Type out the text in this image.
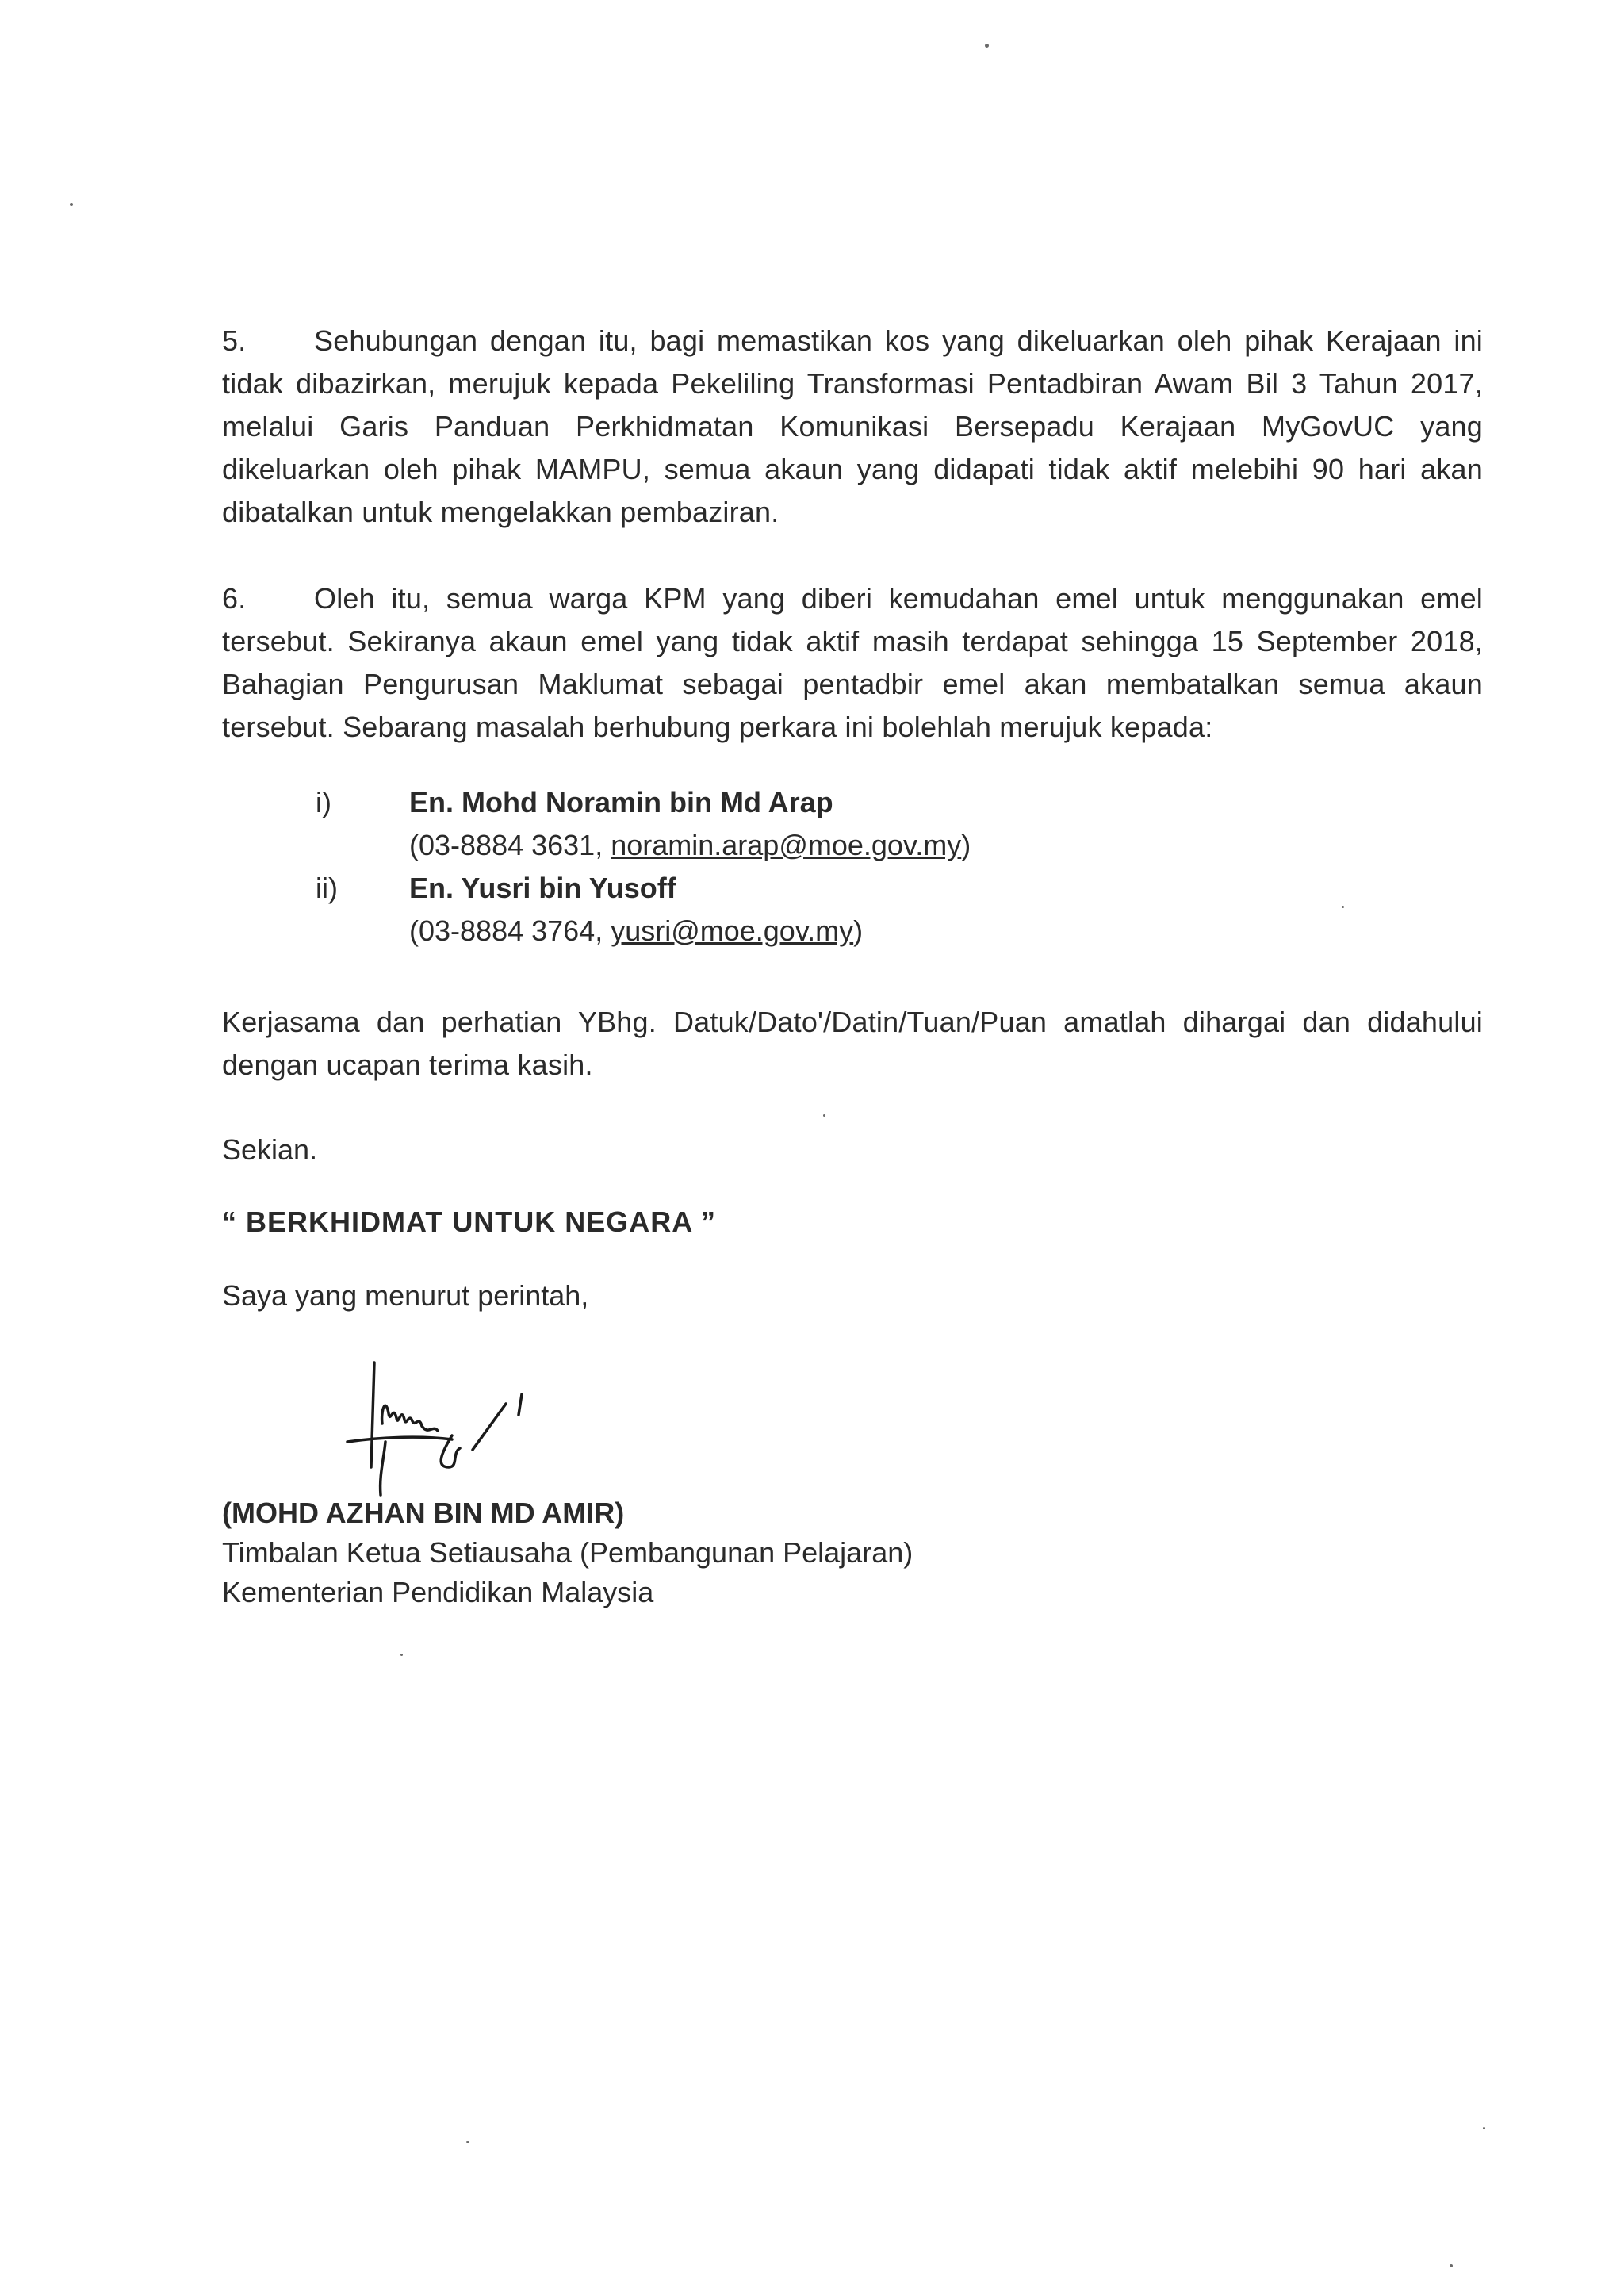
5. Sehubungan dengan itu, bagi memastikan kos yang dikeluarkan oleh pihak Kerajaan ini tidak dibazirkan, merujuk kepada Pekeliling Transformasi Pentadbiran Awam Bil 3 Tahun 2017, melalui Garis Panduan Perkhidmatan Komunikasi Bersepadu Kerajaan MyGovUC yang dikeluarkan oleh pihak MAMPU, semua akaun yang didapati tidak aktif melebihi 90 hari akan dibatalkan untuk mengelakkan pembaziran.
6. Oleh itu, semua warga KPM yang diberi kemudahan emel untuk menggunakan emel tersebut. Sekiranya akaun emel yang tidak aktif masih terdapat sehingga 15 September 2018, Bahagian Pengurusan Maklumat sebagai pentadbir emel akan membatalkan semua akaun tersebut. Sebarang masalah berhubung perkara ini bolehlah merujuk kepada:
i)	En. Mohd Noramin bin Md Arap
(03-8884 3631, noramin.arap@moe.gov.my)
ii)	En. Yusri bin Yusoff
(03-8884 3764, yusri@moe.gov.my)
Kerjasama dan perhatian YBhg. Datuk/Dato'/Datin/Tuan/Puan amatlah dihargai dan didahului dengan ucapan terima kasih.
Sekian.
“ BERKHIDMAT UNTUK NEGARA ”
Saya yang menurut perintah,
(MOHD AZHAN BIN MD AMIR)
Timbalan Ketua Setiausaha (Pembangunan Pelajaran)
Kementerian Pendidikan Malaysia
